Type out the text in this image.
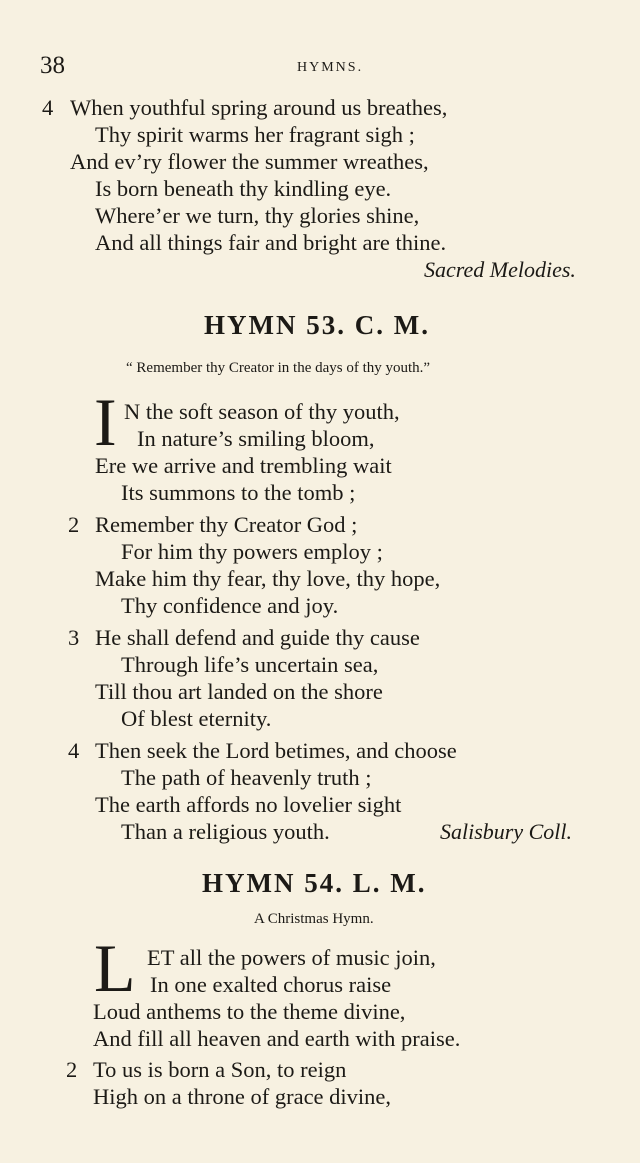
38	HYMNS.
4 When youthful spring around us breathes,
Thy spirit warms her fragrant sigh ;
And ev’ry flower the summer wreathes,
Is born beneath thy kindling eye.
Where’er we turn, thy glories shine,
And all things fair and bright are thine.
Sacred Melodies.
HYMN 53. C. M.
“ Remember thy Creator in the days of thy youth.”
I N the soft season of thy youth,
In nature’s smiling bloom,
Ere we arrive and trembling wait
Its summons to the tomb ;
2 Remember thy Creator God ;
For him thy powers employ ;
Make him thy fear, thy love, thy hope,
Thy confidence and joy.
3 He shall defend and guide thy cause
Through life’s uncertain sea,
Till thou art landed on the shore
Of blest eternity.
4 Then seek the Lord betimes, and choose
The path of heavenly truth ;
The earth affords no lovelier sight
Than a religious youth.	Salisbury Coll.
HYMN 54. L. M.
A Christmas Hymn.
L ET all the powers of music join,
In one exalted chorus raise
Loud anthems to the theme divine,
And fill all heaven and earth with praise.
2 To us is born a Son, to reign
High on a throne of grace divine,
